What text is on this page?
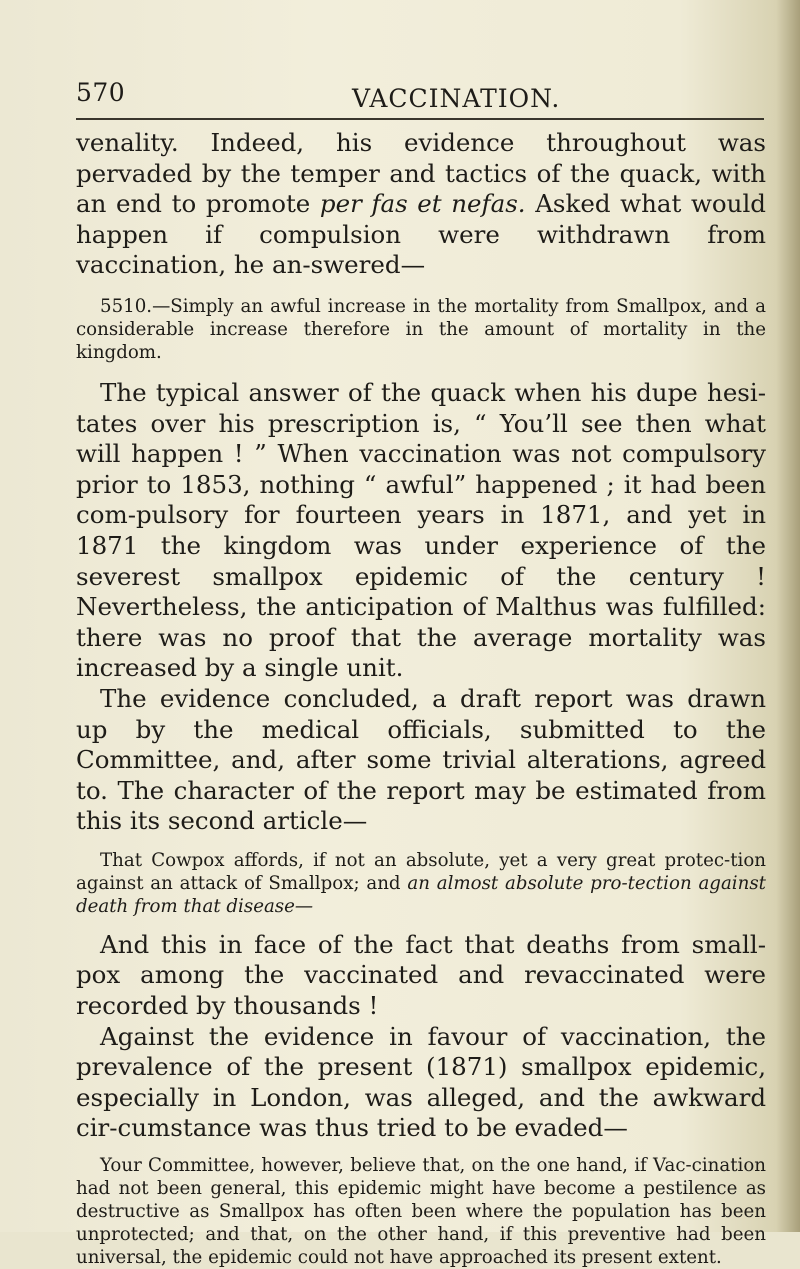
570	VACCINATION.

venality. Indeed, his evidence throughout was pervaded by the temper and tactics of the quack, with an end to promote per fas et nefas. Asked what would happen if compulsion were withdrawn from vaccination, he an-swered—

5510.—Simply an awful increase in the mortality from Smallpox, and a considerable increase therefore in the amount of mortality in the kingdom.

The typical answer of the quack when his dupe hesi-tates over his prescription is, “ You’ll see then what will happen ! ” When vaccination was not compulsory prior to 1853, nothing “ awful” happened ; it had been com-pulsory for fourteen years in 1871, and yet in 1871 the kingdom was under experience of the severest smallpox epidemic of the century ! Nevertheless, the anticipation of Malthus was fulfilled: there was no proof that the average mortality was increased by a single unit.

The evidence concluded, a draft report was drawn up by the medical officials, submitted to the Committee, and, after some trivial alterations, agreed to. The character of the report may be estimated from this its second article—

That Cowpox affords, if not an absolute, yet a very great protec-tion against an attack of Smallpox; and an almost absolute pro-tection against death from that disease—

And this in face of the fact that deaths from small-pox among the vaccinated and revaccinated were recorded by thousands !

Against the evidence in favour of vaccination, the prevalence of the present (1871) smallpox epidemic, especially in London, was alleged, and the awkward cir-cumstance was thus tried to be evaded—

Your Committee, however, believe that, on the one hand, if Vac-cination had not been general, this epidemic might have become a pestilence as destructive as Smallpox has often been where the population has been unprotected; and that, on the other hand, if this preventive had been universal, the epidemic could not have approached its present extent.
